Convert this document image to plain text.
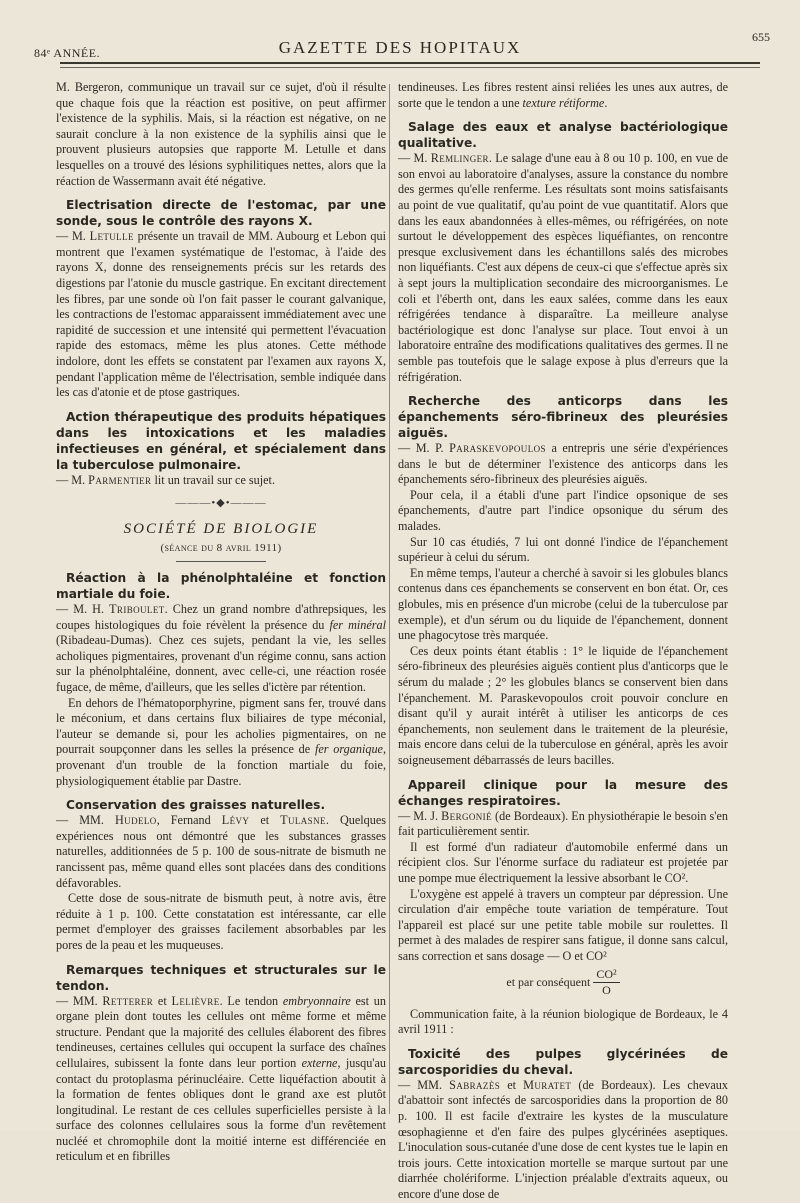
84ᵉ ANNÉE.	GAZETTE DES HOPITAUX
655

M. Bergeron, communique un travail sur ce sujet, d'où il résulte que chaque fois que la réaction est positive, on peut affirmer l'existence de la syphilis. Mais, si la réaction est négative, on ne saurait conclure à la non existence de la syphilis ainsi que le prouvent plusieurs autopsies que rapporte M. Letulle et dans lesquelles on a trouvé des lésions syphilitiques nettes, alors que la réaction de Wassermann avait été négative.

Electrisation directe de l'estomac, par une sonde, sous le contrôle des rayons X.
— M. Letulle présente un travail de MM. Aubourg et Lebon qui montrent que l'examen systématique de l'estomac, à l'aide des rayons X, donne des renseignements précis sur les retards des digestions par l'atonie du muscle gastrique. En excitant directement les fibres, par une sonde où l'on fait passer le courant galvanique, les contractions de l'estomac apparaissent immédiatement avec une rapidité de succession et une intensité qui permettent l'évacuation rapide des estomacs, même les plus atones. Cette méthode indolore, dont les effets se constatent par l'examen aux rayons X, pendant l'application même de l'électrisation, semble indiquée dans les cas d'atonie et de ptose gastriques.

Action thérapeutique des produits hépatiques dans les intoxications et les maladies infectieuses en général, et spécialement dans la tuberculose pulmonaire.
— M. Parmentier lit un travail sur ce sujet.

———•◆•———
SOCIÉTÉ DE BIOLOGIE
(séance du 8 avril 1911)

Réaction à la phénolphtaléine et fonction martiale du foie.
— M. H. Triboulet. Chez un grand nombre d'athrepsiques, les coupes histologiques du foie révèlent la présence du fer minéral (Ribadeau-Dumas). Chez ces sujets, pendant la vie, les selles acholiques pigmentaires, provenant d'un régime connu, sans action sur la phénolphtaléine, donnent, avec celle-ci, une réaction rosée fugace, de même, d'ailleurs, que les selles d'ictère par rétention.

En dehors de l'hématoporphyrine, pigment sans fer, trouvé dans le méconium, et dans certains flux biliaires de type méconial, l'auteur se demande si, pour les acholies pigmentaires, on ne pourrait soupçonner dans les selles la présence de fer organique, provenant d'un trouble de la fonction martiale du foie, physiologiquement établie par Dastre.

Conservation des graisses naturelles.
— MM. Hudelo, Fernand Lévy et Tulasne. Quelques expériences nous ont démontré que les substances grasses naturelles, additionnées de 5 p. 100 de sous-nitrate de bismuth ne rancissent pas, même quand elles sont placées dans des conditions défavorables.

Cette dose de sous-nitrate de bismuth peut, à notre avis, être réduite à 1 p. 100. Cette constatation est intéressante, car elle permet d'employer des graisses facilement absorbables par les pores de la peau et les muqueuses.

Remarques techniques et structurales sur le tendon.
— MM. Retterer et Lelièvre. Le tendon embryonnaire est un organe plein dont toutes les cellules ont même forme et même structure. Pendant que la majorité des cellules élaborent des fibres tendineuses, certaines cellules qui occupent la surface des chaînes cellulaires, subissent la fonte dans leur portion externe, jusqu'au contact du protoplasma périnucléaire. Cette liquéfaction aboutit à la formation de fentes obliques dont le grand axe est plutôt longitudinal. Le restant de ces cellules superficielles persiste à la surface des colonnes cellulaires sous la forme d'un revêtement nucléé et chromophile dont la moitié interne est différenciée en reticulum et en fibrilles

tendineuses. Les fibres restent ainsi reliées les unes aux autres, de sorte que le tendon a une texture rétiforme.

Salage des eaux et analyse bactériologique qualitative.
— M. Remlinger. Le salage d'une eau à 8 ou 10 p. 100, en vue de son envoi au laboratoire d'analyses, assure la constance du nombre des germes qu'elle renferme. Les résultats sont moins satisfaisants au point de vue qualitatif, qu'au point de vue quantitatif. Alors que dans les eaux abandonnées à elles-mêmes, ou réfrigérées, on note surtout le développement des espèces liquéfiantes, on rencontre presque exclusivement dans les échantillons salés des microbes non liquéfiants. C'est aux dépens de ceux-ci que s'effectue après six à sept jours la multiplication secondaire des microorganismes. Le coli et l'éberth ont, dans les eaux salées, comme dans les eaux réfrigérées tendance à disparaître. La meilleure analyse bactériologique est donc l'analyse sur place. Tout envoi à un laboratoire entraîne des modifications qualitatives des germes. Il ne semble pas toutefois que le salage expose à plus d'erreurs que la réfrigération.

Recherche des anticorps dans les épanchements séro-fibrineux des pleurésies aiguës.
— M. P. Paraskevopoulos a entrepris une série d'expériences dans le but de déterminer l'existence des anticorps dans les épanchements séro-fibrineux des pleurésies aiguës.

Pour cela, il a établi d'une part l'indice opsonique de ses épanchements, d'autre part l'indice opsonique du sérum des malades.

Sur 10 cas étudiés, 7 lui ont donné l'indice de l'épanchement supérieur à celui du sérum.

En même temps, l'auteur a cherché à savoir si les globules blancs contenus dans ces épanchements se conservent en bon état. Or, ces globules, mis en présence d'un microbe (celui de la tuberculose par exemple), et d'un sérum ou du liquide de l'épanchement, donnent une phagocytose très marquée.

Ces deux points étant établis : 1° le liquide de l'épanchement séro-fibrineux des pleurésies aiguës contient plus d'anticorps que le sérum du malade ; 2° les globules blancs se conservent bien dans l'épanchement. M. Paraskevopoulos croit pouvoir conclure en disant qu'il y aurait intérêt à utiliser les anticorps de ces épanchements, non seulement dans le traitement de la pleurésie, mais encore dans celui de la tuberculose en général, après les avoir soigneusement débarrassés de leurs bacilles.

Appareil clinique pour la mesure des échanges respiratoires.
— M. J. Bergonié (de Bordeaux). En physiothérapie le besoin s'en fait particulièrement sentir.

Il est formé d'un radiateur d'automobile enfermé dans un récipient clos. Sur l'énorme surface du radiateur est projetée par une pompe mue électriquement la lessive absorbant le CO².

L'oxygène est appelé à travers un compteur par dépression. Une circulation d'air empêche toute variation de température. Tout l'appareil est placé sur une petite table mobile sur roulettes. Il permet à des malades de respirer sans fatigue, il donne sans calcul, sans correction et sans dosage — O et CO²

et par conséquent $\frac{\text{CO²}}{O}$

Communication faite, à la réunion biologique de Bordeaux, le 4 avril 1911 :

Toxicité des pulpes glycérinées de sarcosporidies du cheval.
— MM. Sabrazès et Muratet (de Bordeaux). Les chevaux d'abattoir sont infectés de sarcosporidies dans la proportion de 80 p. 100. Il est facile d'extraire les kystes de la musculature œsophagienne et d'en faire des pulpes glycérinées aseptiques. L'inoculation sous-cutanée d'une dose de cent kystes tue le lapin en trois jours. Cette intoxication mortelle se marque surtout par une diarrhée cholériforme. L'injection préalable d'extraits aqueux, ou encore d'une dose de
